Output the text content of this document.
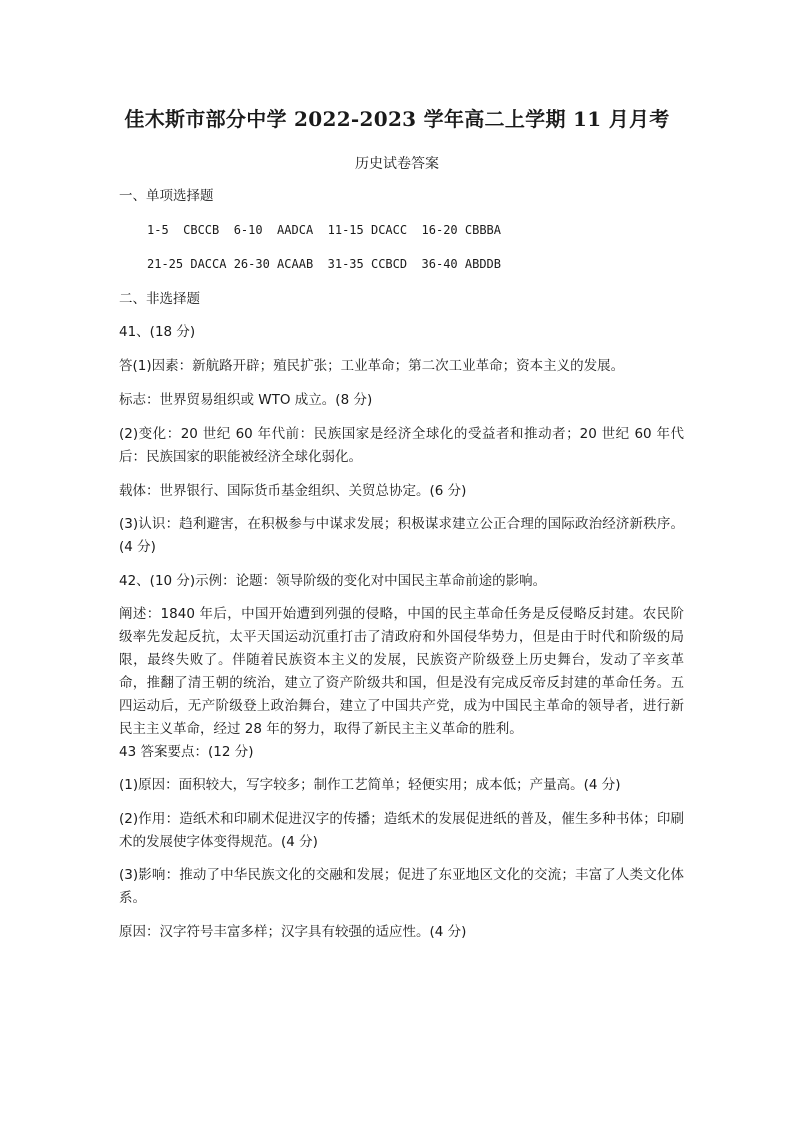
佳木斯市部分中学 2022-2023 学年高二上学期 11 月月考
历史试卷答案
一、单项选择题
1-5  CBCCB  6-10  AADCA  11-15 DCACC  16-20 CBBBA
21-25 DACCA 26-30 ACAAB  31-35 CCBCD  36-40 ABDDB
二、非选择题
41、(18 分)
答(1)因素：新航路开辟；殖民扩张；工业革命；第二次工业革命；资本主义的发展。
标志：世界贸易组织或 WTO 成立。(8 分)
(2)变化：20 世纪 60 年代前：民族国家是经济全球化的受益者和推动者；20 世纪 60 年代后：民族国家的职能被经济全球化弱化。
载体：世界银行、国际货币基金组织、关贸总协定。(6 分)
(3)认识：趋利避害，在积极参与中谋求发展；积极谋求建立公正合理的国际政治经济新秩序。(4 分)
42、(10 分)示例：论题：领导阶级的变化对中国民主革命前途的影响。
阐述：1840 年后，中国开始遭到列强的侵略，中国的民主革命任务是反侵略反封建。农民阶级率先发起反抗，太平天国运动沉重打击了清政府和外国侵华势力，但是由于时代和阶级的局限，最终失败了。伴随着民族资本主义的发展，民族资产阶级登上历史舞台，发动了辛亥革命，推翻了清王朝的统治，建立了资产阶级共和国，但是没有完成反帝反封建的革命任务。五四运动后，无产阶级登上政治舞台，建立了中国共产党，成为中国民主革命的领导者，进行新民主主义革命，经过 28 年的努力，取得了新民主主义革命的胜利。
43 答案要点：(12 分)
(1)原因：面积较大，写字较多；制作工艺简单；轻便实用；成本低；产量高。(4 分)
(2)作用：造纸术和印刷术促进汉字的传播；造纸术的发展促进纸的普及，催生多种书体；印刷术的发展使字体变得规范。(4 分)
(3)影响：推动了中华民族文化的交融和发展；促进了东亚地区文化的交流；丰富了人类文化体系。
原因：汉字符号丰富多样；汉字具有较强的适应性。(4 分)
